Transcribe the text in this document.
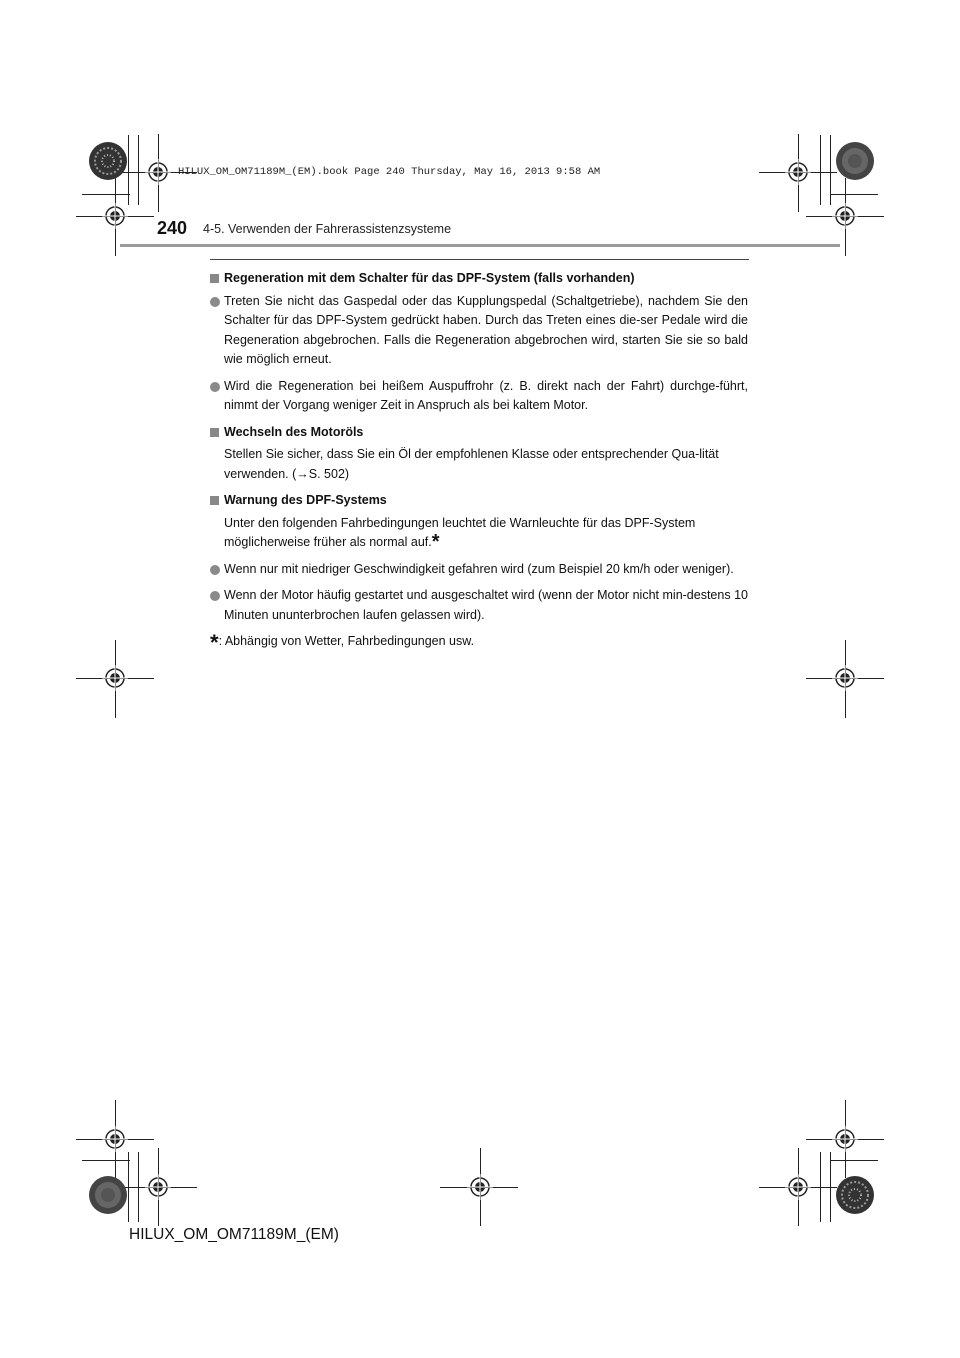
HILUX_OM_OM71189M_(EM).book Page 240 Thursday, May 16, 2013 9:58 AM
240 4-5. Verwenden der Fahrerassistenzsysteme
Regeneration mit dem Schalter für das DPF-System (falls vorhanden)
Treten Sie nicht das Gaspedal oder das Kupplungspedal (Schaltgetriebe), nachdem Sie den Schalter für das DPF-System gedrückt haben. Durch das Treten eines die-ser Pedale wird die Regeneration abgebrochen. Falls die Regeneration abgebrochen wird, starten Sie sie so bald wie möglich erneut.
Wird die Regeneration bei heißem Auspuffrohr (z. B. direkt nach der Fahrt) durchge-führt, nimmt der Vorgang weniger Zeit in Anspruch als bei kaltem Motor.
Wechseln des Motoröls
Stellen Sie sicher, dass Sie ein Öl der empfohlenen Klasse oder entsprechender Qua-lität verwenden. (→S. 502)
Warnung des DPF-Systems
Unter den folgenden Fahrbedingungen leuchtet die Warnleuchte für das DPF-System möglicherweise früher als normal auf.*
Wenn nur mit niedriger Geschwindigkeit gefahren wird (zum Beispiel 20 km/h oder weniger).
Wenn der Motor häufig gestartet und ausgeschaltet wird (wenn der Motor nicht min-destens 10 Minuten ununterbrochen laufen gelassen wird).
*: Abhängig von Wetter, Fahrbedingungen usw.
HILUX_OM_OM71189M_(EM)
